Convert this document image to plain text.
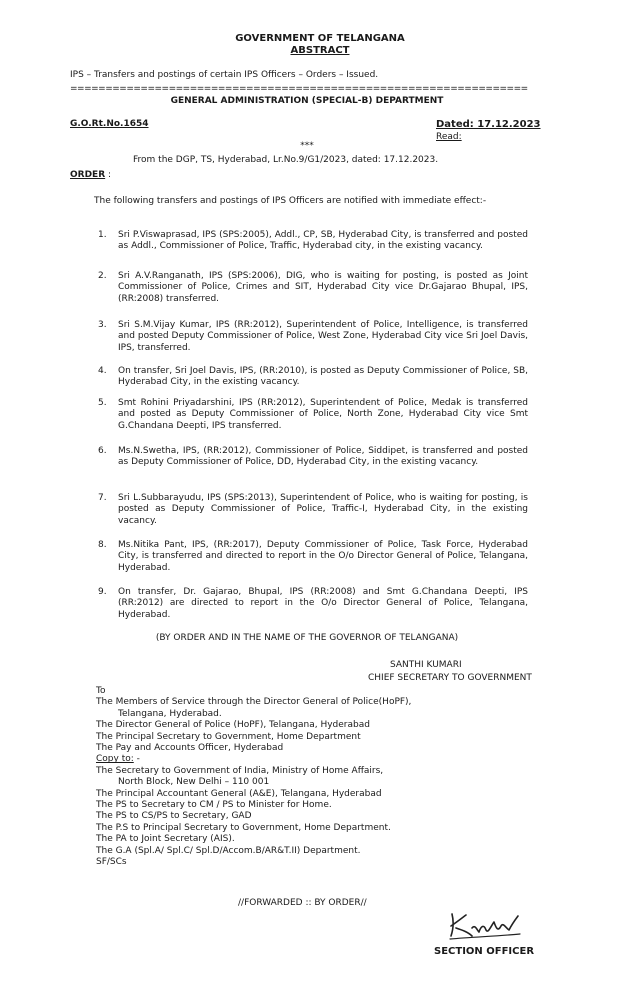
GOVERNMENT OF TELANGANA
ABSTRACT
IPS – Transfers and postings of certain IPS Officers – Orders – Issued.
=================================================================
GENERAL ADMINISTRATION (SPECIAL-B) DEPARTMENT
G.O.Rt.No.1654	Dated: 17.12.2023
Read:
***
From the DGP, TS, Hyderabad, Lr.No.9/G1/2023, dated: 17.12.2023.
ORDER :
The following transfers and postings of IPS Officers are notified with immediate effect:-
1.	Sri P.Viswaprasad, IPS (SPS:2005), Addl., CP, SB, Hyderabad City, is transferred and posted as Addl., Commissioner of Police, Traffic, Hyderabad city, in the existing vacancy.
2.	Sri A.V.Ranganath, IPS (SPS:2006), DIG, who is waiting for posting, is posted as Joint Commissioner of Police, Crimes and SIT, Hyderabad City vice Dr.Gajarao Bhupal, IPS, (RR:2008) transferred.
3.	Sri S.M.Vijay Kumar, IPS (RR:2012), Superintendent of Police, Intelligence, is transferred and posted Deputy Commissioner of Police, West Zone, Hyderabad City vice Sri Joel Davis, IPS, transferred.
4.	On transfer, Sri Joel Davis, IPS, (RR:2010), is posted as Deputy Commissioner of Police, SB, Hyderabad City, in the existing vacancy.
5.	Smt Rohini Priyadarshini, IPS (RR:2012), Superintendent of Police, Medak is transferred and posted as Deputy Commissioner of Police, North Zone, Hyderabad City vice Smt G.Chandana Deepti, IPS transferred.
6.	Ms.N.Swetha, IPS, (RR:2012), Commissioner of Police, Siddipet, is transferred and posted as Deputy Commissioner of Police, DD, Hyderabad City, in the existing vacancy.
7.	Sri L.Subbarayudu, IPS (SPS:2013), Superintendent of Police, who is waiting for posting, is posted as Deputy Commissioner of Police, Traffic-I, Hyderabad City, in the existing vacancy.
8.	Ms.Nitika Pant, IPS, (RR:2017), Deputy Commissioner of Police, Task Force, Hyderabad City, is transferred and directed to report in the O/o Director General of Police, Telangana, Hyderabad.
9.	On transfer, Dr. Gajarao, Bhupal, IPS (RR:2008) and Smt G.Chandana Deepti, IPS (RR:2012) are directed to report in the O/o Director General of Police, Telangana, Hyderabad.
(BY ORDER AND IN THE NAME OF THE GOVERNOR OF TELANGANA)
SANTHI KUMARI
CHIEF SECRETARY TO GOVERNMENT
To
The Members of Service through the Director General of Police(HoPF),
Telangana, Hyderabad.
The Director General of Police (HoPF), Telangana, Hyderabad
The Principal Secretary to Government, Home Department
The Pay and Accounts Officer, Hyderabad
Copy to: -
The Secretary to Government of India, Ministry of Home Affairs,
North Block, New Delhi – 110 001
The Principal Accountant General (A&E), Telangana, Hyderabad
The PS to Secretary to CM / PS to Minister for Home.
The PS to CS/PS to Secretary, GAD
The P.S to Principal Secretary to Government, Home Department.
The PA to Joint Secretary (AIS).
The G.A (Spl.A/ Spl.C/ Spl.D/Accom.B/AR&T.II) Department.
SF/SCs
//FORWARDED :: BY ORDER//
SECTION OFFICER
